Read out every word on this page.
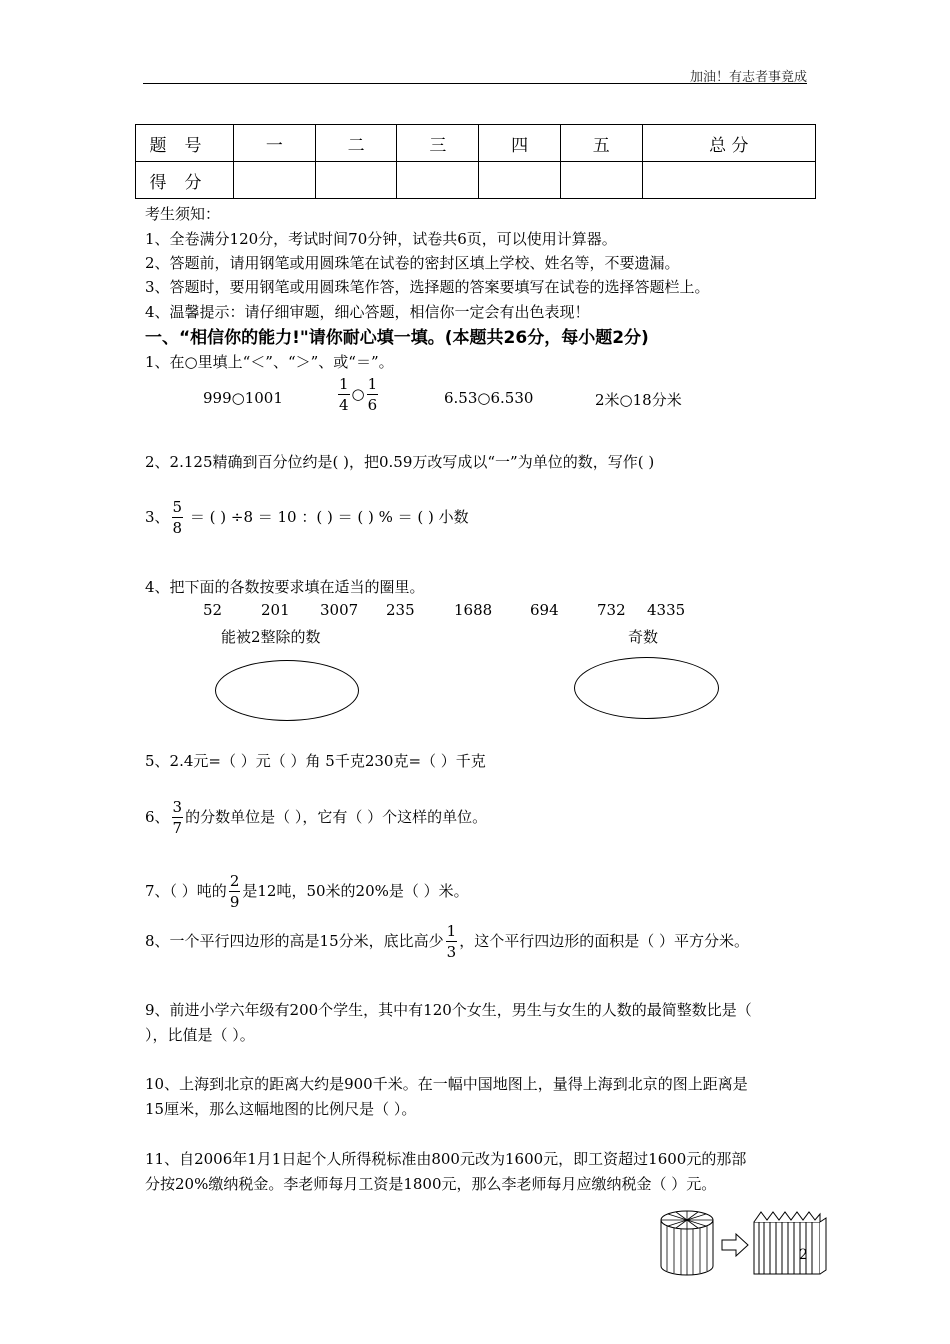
加油！有志者事竟成
题号	一	二	三	四	五	总 分
得分						
考生须知：
1、全卷满分120分，考试时间70分钟，试卷共6页，可以使用计算器。
2、答题前，请用钢笔或用圆珠笔在试卷的密封区填上学校、姓名等，不要遗漏。
3、答题时，要用钢笔或用圆珠笔作答，选择题的答案要填写在试卷的选择答题栏上。
4、温馨提示：请仔细审题，细心答题，相信你一定会有出色表现！
一、“相信你的能力!"请你耐心填一填。(本题共26分，每小题2分)
1、在○里填上“＜”、“＞”、或“＝”。
999○1001	$\frac{1}{4}$ ○ $\frac{1}{6}$	6.53○6.530	2米○18分米
2、2.125精确到百分位约是( )，把0.59万改写成以“一”为单位的数，写作( )
3、 $\frac{5}{8}$ ＝ ( ) ÷8 ＝ 10 ：( ) ＝ ( ) % ＝ ( ) 小数
4、把下面的各数按要求填在适当的圈里。
52	201 3007 235	1688	694	732 4335
能被2整除的数	奇数
5、2.4元=（ ）元（ ）角 5千克230克=（ ）千克
6、 $\frac{3}{7}$ 的分数单位是（ ），它有（ ）个这样的单位。
7、（ ）吨的 $\frac{2}{9}$ 是12吨，50米的20%是（ ）米。
8、一个平行四边形的高是15分米，底比高少 $\frac{1}{3}$ ，这个平行四边形的面积是（ ）平方分米。
9、前进小学六年级有200个学生，其中有120个女生，男生与女生的人数的最简整数比是（
），比值是（ ）。
10、上海到北京的距离大约是900千米。在一幅中国地图上，量得上海到北京的图上距离是
15厘米，那么这幅地图的比例尺是（ ）。
11、自2006年1月1日起个人所得税标准由800元改为1600元，即工资超过1600元的那部
分按20%缴纳税金。李老师每月工资是1800元，那么李老师每月应缴纳税金（ ）元。
2
